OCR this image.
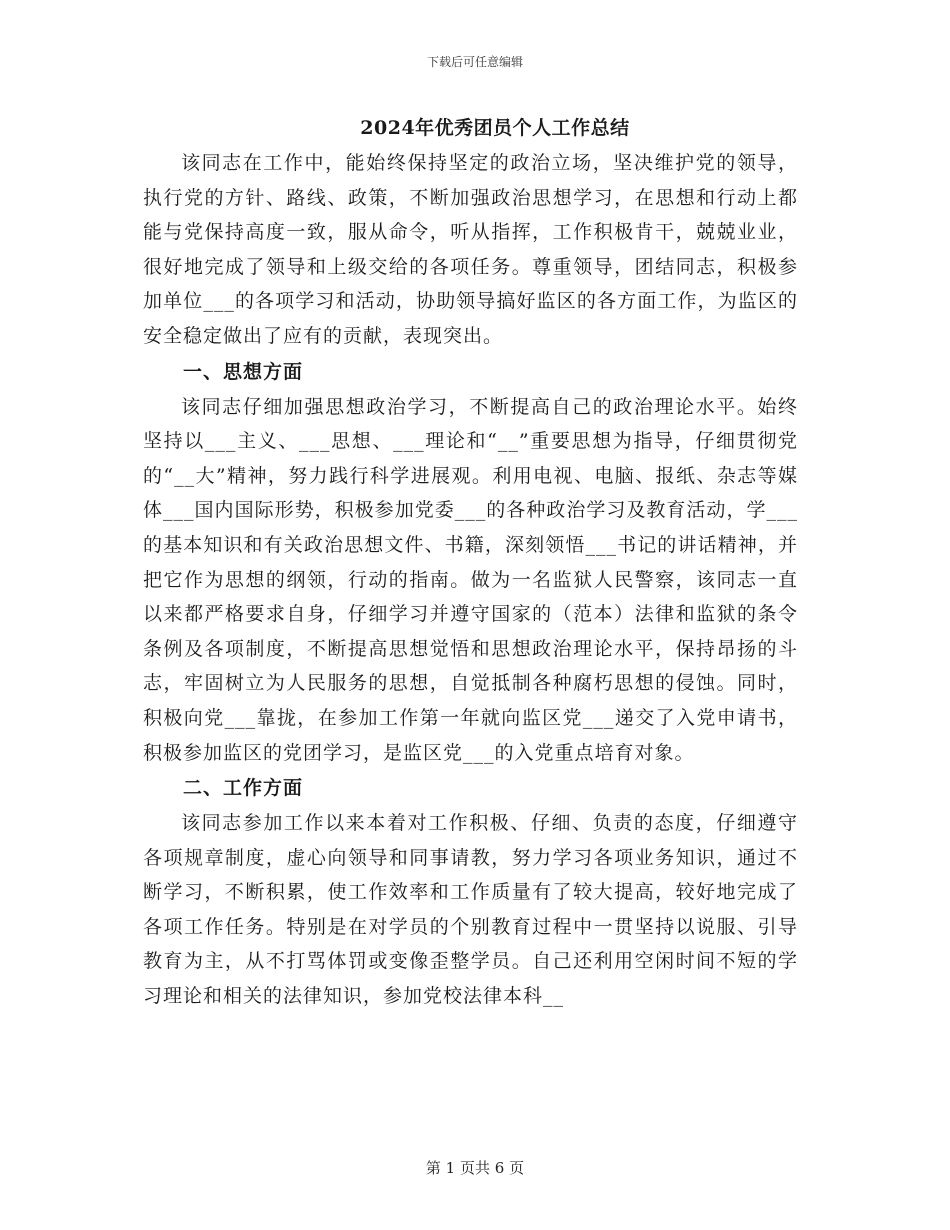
下载后可任意编辑
2024年优秀团员个人工作总结

该同志在工作中，能始终保持坚定的政治立场，坚决维护党的领导，执行党的方针、路线、政策，不断加强政治思想学习，在思想和行动上都能与党保持高度一致，服从命令，听从指挥，工作积极肯干，兢兢业业，很好地完成了领导和上级交给的各项任务。尊重领导，团结同志，积极参加单位___的各项学习和活动，协助领导搞好监区的各方面工作，为监区的安全稳定做出了应有的贡献，表现突出。

一、思想方面

该同志仔细加强思想政治学习，不断提高自己的政治理论水平。始终坚持以___主义、___思想、___理论和“__”重要思想为指导，仔细贯彻党的“__大”精神，努力践行科学进展观。利用电视、电脑、报纸、杂志等媒体___国内国际形势，积极参加党委___的各种政治学习及教育活动，学___的基本知识和有关政治思想文件、书籍，深刻领悟___书记的讲话精神，并把它作为思想的纲领，行动的指南。做为一名监狱人民警察，该同志一直以来都严格要求自身，仔细学习并遵守国家的（范本）法律和监狱的条令条例及各项制度，不断提高思想觉悟和思想政治理论水平，保持昂扬的斗志，牢固树立为人民服务的思想，自觉抵制各种腐朽思想的侵蚀。同时，积极向党___靠拢，在参加工作第一年就向监区党___递交了入党申请书，积极参加监区的党团学习，是监区党___的入党重点培育对象。

二、工作方面

该同志参加工作以来本着对工作积极、仔细、负责的态度，仔细遵守各项规章制度，虚心向领导和同事请教，努力学习各项业务知识，通过不断学习，不断积累，使工作效率和工作质量有了较大提高，较好地完成了各项工作任务。特别是在对学员的个别教育过程中一贯坚持以说服、引导教育为主，从不打骂体罚或变像歪整学员。自己还利用空闲时间不短的学习理论和相关的法律知识，参加党校法律本科__

第 1 页共 6 页
